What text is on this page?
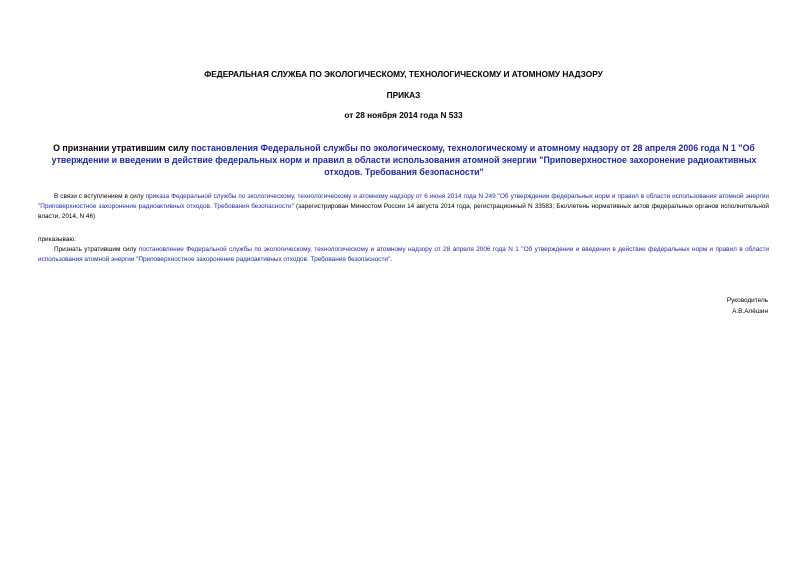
ФЕДЕРАЛЬНАЯ СЛУЖБА ПО ЭКОЛОГИЧЕСКОМУ, ТЕХНОЛОГИЧЕСКОМУ И АТОМНОМУ НАДЗОРУ
ПРИКАЗ
от 28 ноября 2014 года N 533
О признании утратившим силу постановления Федеральной службы по экологическому, технологическому и атомному надзору от 28 апреля 2006 года N 1 "Об утверждении и введении в действие федеральных норм и правил в области использования атомной энергии "Приповерхностное захоронение радиоактивных отходов. Требования безопасности"
В связи с вступлением в силу приказа Федеральной службы по экологическому, технологическому и атомному надзору от 6 июня 2014 года N 249 "Об утверждении федеральных норм и правил в области использования атомной энергии "Приповерхностное захоронение радиоактивных отходов. Требования безопасности" (зарегистрирован Минюстом России 14 августа 2014 года, регистрационный N 33583; Бюллетень нормативных актов федеральных органов исполнительной власти, 2014, N 46)
приказываю:
Признать утратившим силу постановление Федеральной службы по экологическому, технологическому и атомному надзору от 28 апреля 2006 года N 1 "Об утверждении и введении в действие федеральных норм и правил в области использования атомной энергии "Приповерхностное захоронение радиоактивных отходов. Требования безопасности".
Руководитель
А.В.Алёшин
